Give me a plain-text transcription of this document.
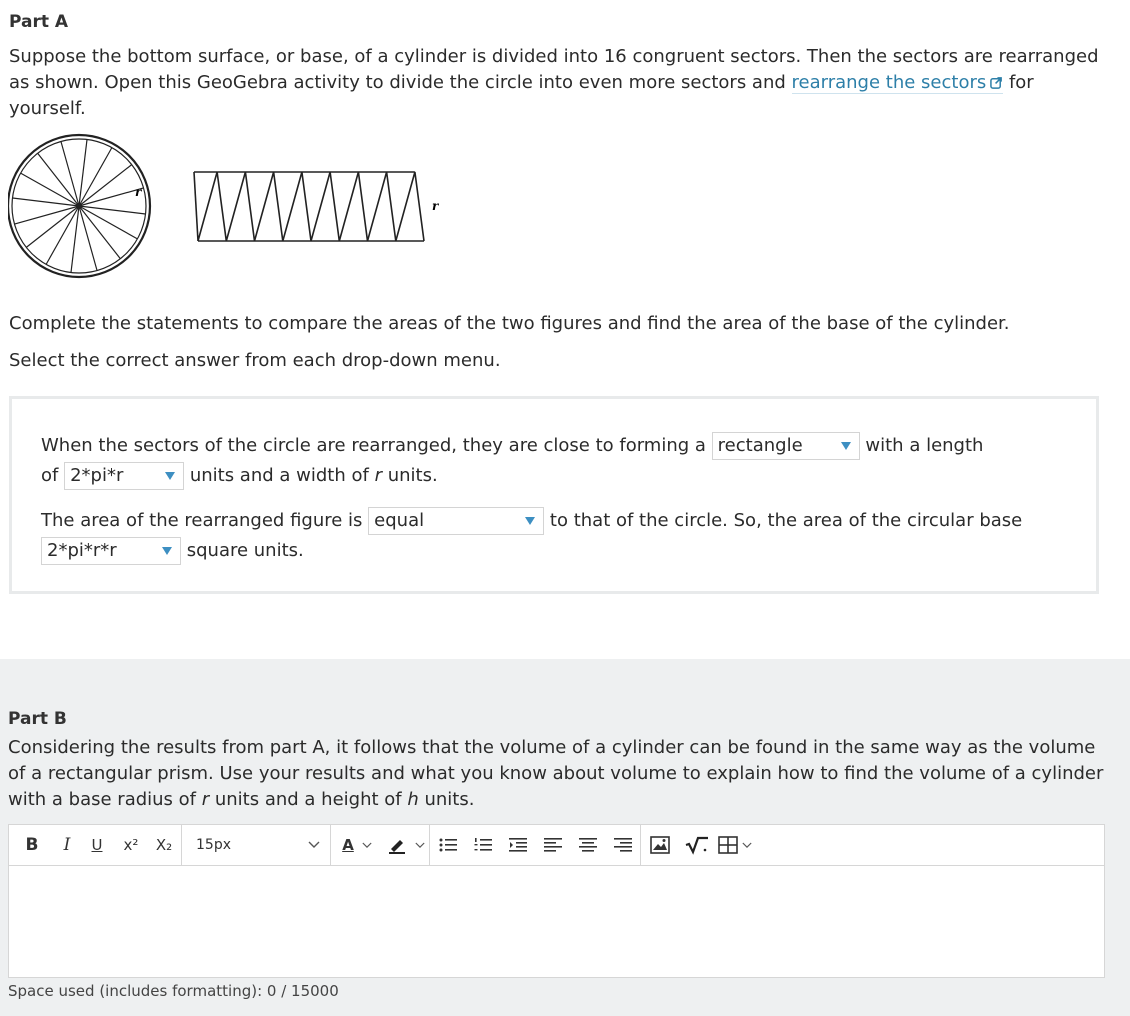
Part A
Suppose the bottom surface, or base, of a cylinder is divided into 16 congruent sectors. Then the sectors are rearranged as shown. Open this GeoGebra activity to divide the circle into even more sectors and rearrange the sectors for yourself.
r
r
Complete the statements to compare the areas of the two figures and find the area of the base of the cylinder.
Select the correct answer from each drop-down menu.
When the sectors of the circle are rearranged, they are close to forming a rectangle	with a length
of 2*pi*r	units and a width of r units.
The area of the rearranged figure is equal	to that of the circle. So, the area of the circular base
2*pi*r*r	square units.
Part B
Considering the results from part A, it follows that the volume of a cylinder can be found in the same way as the volume of a rectangular prism. Use your results and what you know about volume to explain how to find the volume of a cylinder with a base radius of r units and a height of h units.
B	I	U	x²	X₂	15px	A
Space used (includes formatting): 0 / 15000
